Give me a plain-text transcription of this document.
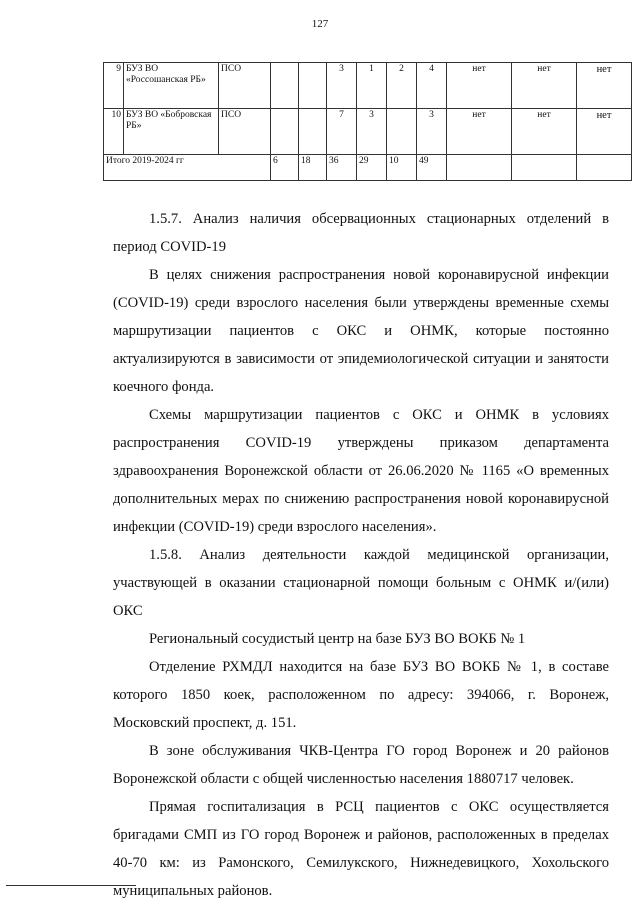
127
9	БУЗ ВО «Россошанская РБ»	ПСО			3	1	2	4	нет	нет	нет
10	БУЗ ВО «Бобровская РБ»	ПСО			7	3		3	нет	нет	нет
Итого 2019-2024 гг			6	18	36	29	10	49			

1.5.7. Анализ наличия обсервационных стационарных отделений в период COVID-19

В целях снижения распространения новой коронавирусной инфекции (COVID-19) среди взрослого населения были утверждены временные схемы маршрутизации пациентов с ОКС и ОНМК, которые постоянно актуализируются в зависимости от эпидемиологической ситуации и занятости коечного фонда.

Схемы маршрутизации пациентов с ОКС и ОНМК в условиях распространения COVID-19 утверждены приказом департамента здравоохранения Воронежской области от 26.06.2020 № 1165 «О временных дополнительных мерах по снижению распространения новой коронавирусной инфекции (COVID-19) среди взрослого населения».

1.5.8. Анализ деятельности каждой медицинской организации, участвующей в оказании стационарной помощи больным с ОНМК и/(или) ОКС

Региональный сосудистый центр на базе БУЗ ВО ВОКБ № 1

Отделение РХМДЛ находится на базе БУЗ ВО ВОКБ № 1, в составе которого 1850 коек, расположенном по адресу: 394066, г. Воронеж, Московский проспект, д. 151.

В зоне обслуживания ЧКВ-Центра ГО город Воронеж и 20 районов Воронежской области с общей численностью населения 1880717 человек.

Прямая госпитализация в РСЦ пациентов с ОКС осуществляется бригадами СМП из ГО город Воронеж и районов, расположенных в пределах 40-70 км: из Рамонского, Семилукского, Нижнедевицкого, Хохольского муниципальных районов.
